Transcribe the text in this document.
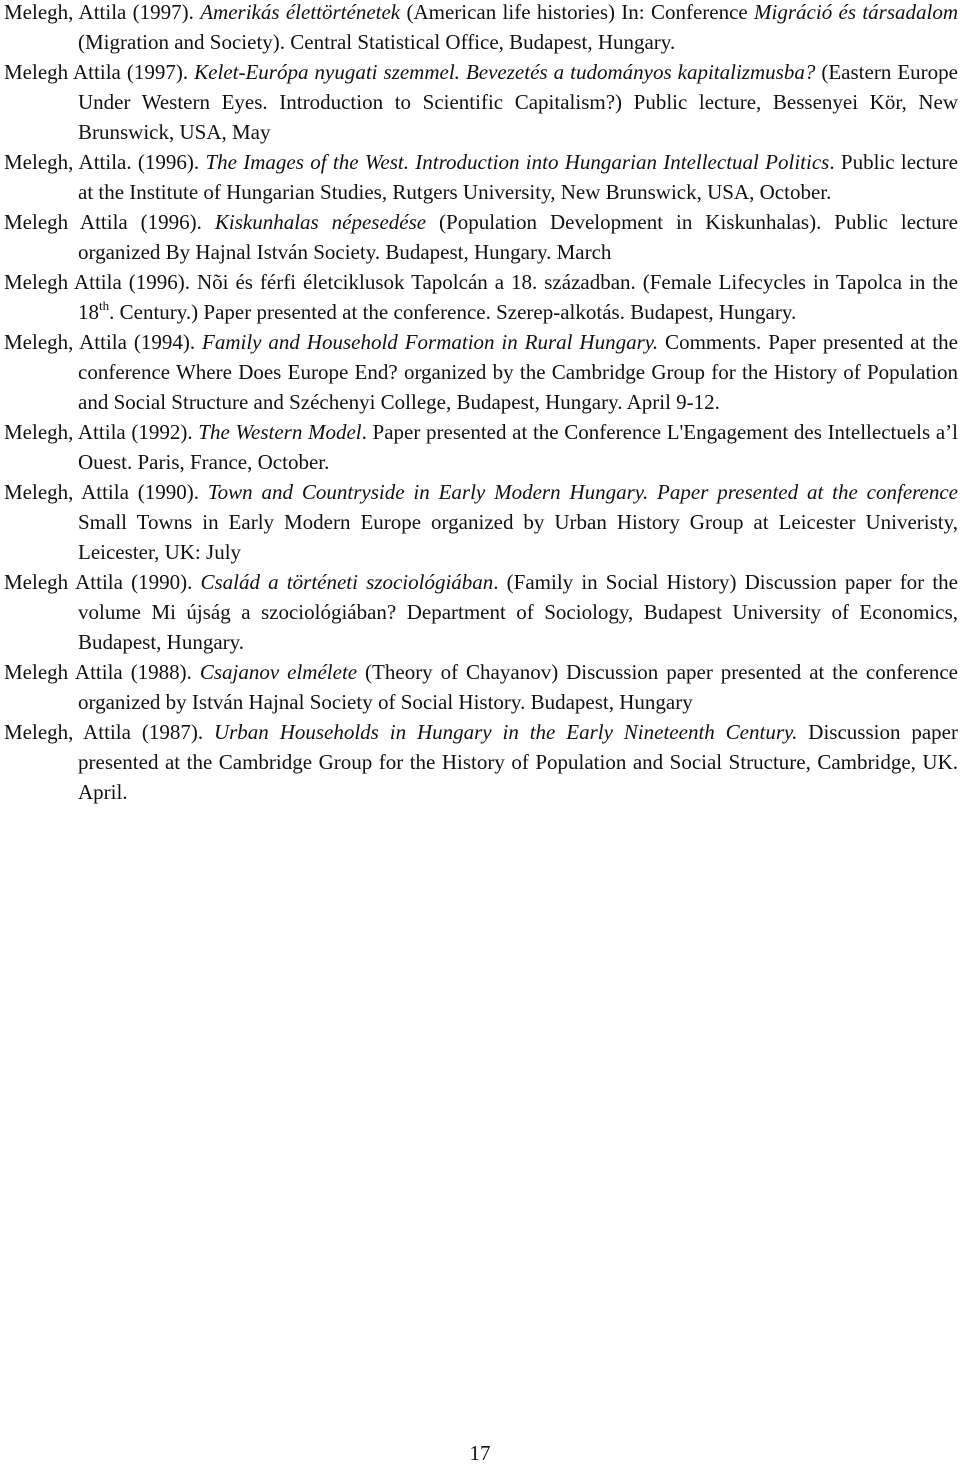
Melegh, Attila (1997). Amerikás élettörténetek (American life histories) In: Conference Migráció és társadalom (Migration and Society). Central Statistical Office, Budapest, Hungary.

Melegh Attila (1997). Kelet-Európa nyugati szemmel. Bevezetés a tudományos kapitalizmusba? (Eastern Europe Under Western Eyes. Introduction to Scientific Capitalism?) Public lecture, Bessenyei Kör, New Brunswick, USA, May

Melegh, Attila. (1996). The Images of the West. Introduction into Hungarian Intellectual Politics. Public lecture at the Institute of Hungarian Studies, Rutgers University, New Brunswick, USA, October.

Melegh Attila (1996). Kiskunhalas népesedése (Population Development in Kiskunhalas). Public lecture organized By Hajnal István Society. Budapest, Hungary. March

Melegh Attila (1996). Nõi és férfi életciklusok Tapolcán a 18. században. (Female Lifecycles in Tapolca in the 18th. Century.) Paper presented at the conference. Szerep-alkotás. Budapest, Hungary.

Melegh, Attila (1994). Family and Household Formation in Rural Hungary. Comments. Paper presented at the conference Where Does Europe End? organized by the Cambridge Group for the History of Population and Social Structure and Széchenyi College, Budapest, Hungary. April 9-12.

Melegh, Attila (1992). The Western Model. Paper presented at the Conference L'Engagement des Intellectuels a’l Ouest. Paris, France, October.

Melegh, Attila (1990). Town and Countryside in Early Modern Hungary. Paper presented at the conference Small Towns in Early Modern Europe organized by Urban History Group at Leicester Univeristy, Leicester, UK: July

Melegh Attila (1990). Család a történeti szociológiában. (Family in Social History) Discussion paper for the volume Mi újság a szociológiában? Department of Sociology, Budapest University of Economics, Budapest, Hungary.

Melegh Attila (1988). Csajanov elmélete (Theory of Chayanov) Discussion paper presented at the conference organized by István Hajnal Society of Social History. Budapest, Hungary

Melegh, Attila (1987). Urban Households in Hungary in the Early Nineteenth Century. Discussion paper presented at the Cambridge Group for the History of Population and Social Structure, Cambridge, UK. April.

17
